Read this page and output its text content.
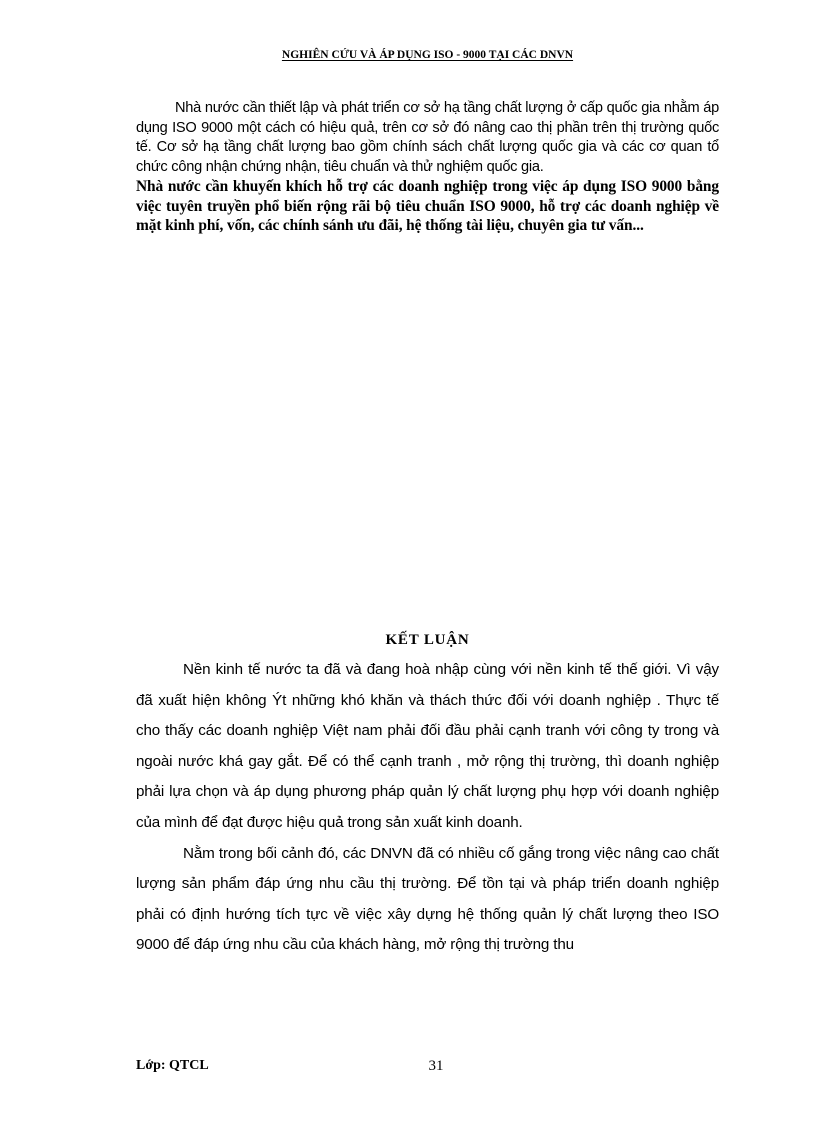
NGHIÊN CỨU VÀ ÁP DỤNG ISO - 9000 TẠI CÁC DNVN

Nhà nước cần thiết lập và phát triển cơ sở hạ tầng chất lượng ở cấp quốc gia nhằm áp dụng ISO 9000 một cách có hiệu quả, trên cơ sở đó nâng cao thị phần trên thị trường quốc tế. Cơ sở hạ tầng chất lượng bao gồm chính sách chất lượng quốc gia và các cơ quan tổ chức công nhận chứng nhận, tiêu chuẩn và thử nghiệm quốc gia.

Nhà nước cần khuyến khích hỗ trợ các doanh nghiệp trong việc áp dụng ISO 9000 bằng việc tuyên truyền phổ biến rộng rãi bộ tiêu chuẩn ISO 9000, hỗ trợ các doanh nghiệp về mặt kinh phí, vốn, các chính sánh ưu đãi, hệ thống tài liệu, chuyên gia tư vấn...

KẾT LUẬN

Nền kinh tế nước ta đã và đang hoà nhập cùng với nền kinh tế thế giới. Vì vậy đã xuất hiện không Ýt những khó khăn và thách thức đối với doanh nghiệp . Thực tế cho thấy các doanh nghiệp Việt nam phải đối đầu phải cạnh tranh với công ty trong và ngoài nước khá gay gắt. Để có thể cạnh tranh , mở rộng thị trường, thì doanh nghiệp phải lựa chọn và áp dụng phương pháp quản lý chất lượng phụ hợp với doanh nghiệp của mình để đạt được hiệu quả trong sản xuất kinh doanh.

Nằm trong bối cảnh đó, các DNVN đã có nhiều cố gắng trong việc nâng cao chất lượng sản phẩm đáp ứng nhu cầu thị trường. Để tồn tại và pháp triển doanh nghiệp phải có định hướng tích tực về việc xây dựng hệ thống quản lý chất lượng theo ISO 9000 để đáp ứng nhu cầu của khách hàng, mở rộng thị trường thu

Lớp: QTCL	31
